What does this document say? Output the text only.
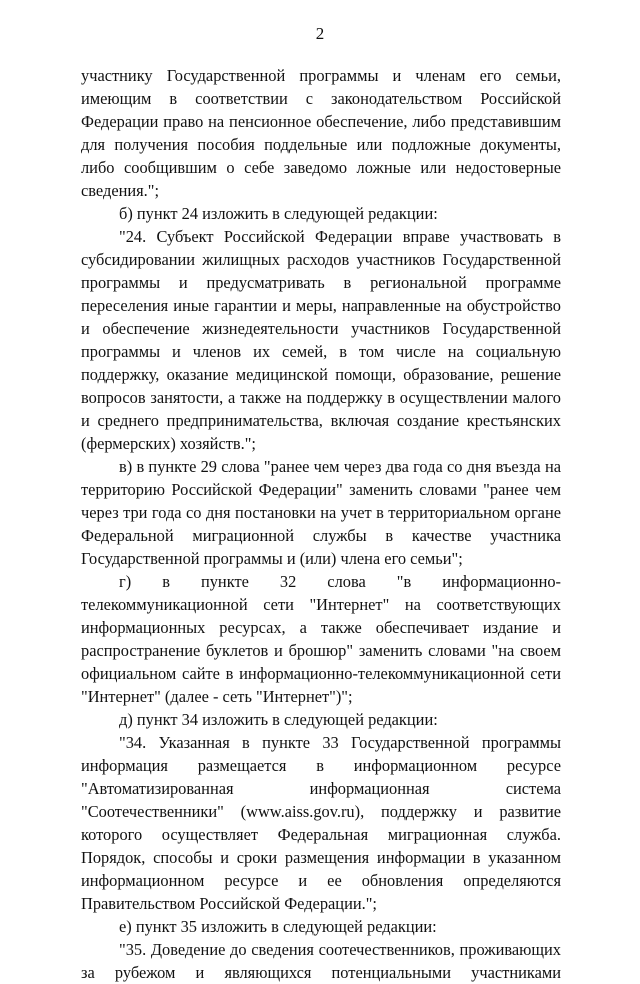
2

участнику Государственной программы и членам его семьи, имеющим в соответствии с законодательством Российской Федерации право на пенсионное обеспечение, либо представившим для получения пособия поддельные или подложные документы, либо сообщившим о себе заведомо ложные или недостоверные сведения.";

б) пункт 24 изложить в следующей редакции:

"24. Субъект Российской Федерации вправе участвовать в субсидировании жилищных расходов участников Государственной программы и предусматривать в региональной программе переселения иные гарантии и меры, направленные на обустройство и обеспечение жизнедеятельности участников Государственной программы и членов их семей, в том числе на социальную поддержку, оказание медицинской помощи, образование, решение вопросов занятости, а также на поддержку в осуществлении малого и среднего предпринимательства, включая создание крестьянских (фермерских) хозяйств.";

в) в пункте 29 слова "ранее чем через два года со дня въезда на территорию Российской Федерации" заменить словами "ранее чем через три года со дня постановки на учет в территориальном органе Федеральной миграционной службы в качестве участника Государственной программы и (или) члена его семьи";

г) в пункте 32 слова "в информационно-телекоммуникационной сети "Интернет" на соответствующих информационных ресурсах, а также обеспечивает издание и распространение буклетов и брошюр" заменить словами "на своем официальном сайте в информационно-телекоммуникационной сети "Интернет" (далее - сеть "Интернет")";

д) пункт 34 изложить в следующей редакции:

"34. Указанная в пункте 33 Государственной программы информация размещается в информационном ресурсе "Автоматизированная информационная система "Соотечественники" (www.aiss.gov.ru), поддержку и развитие которого осуществляет Федеральная миграционная служба. Порядок, способы и сроки размещения информации в указанном информационном ресурсе и ее обновления определяются Правительством Российской Федерации.";

е) пункт 35 изложить в следующей редакции:

"35. Доведение до сведения соотечественников, проживающих за рубежом и являющихся потенциальными участниками
